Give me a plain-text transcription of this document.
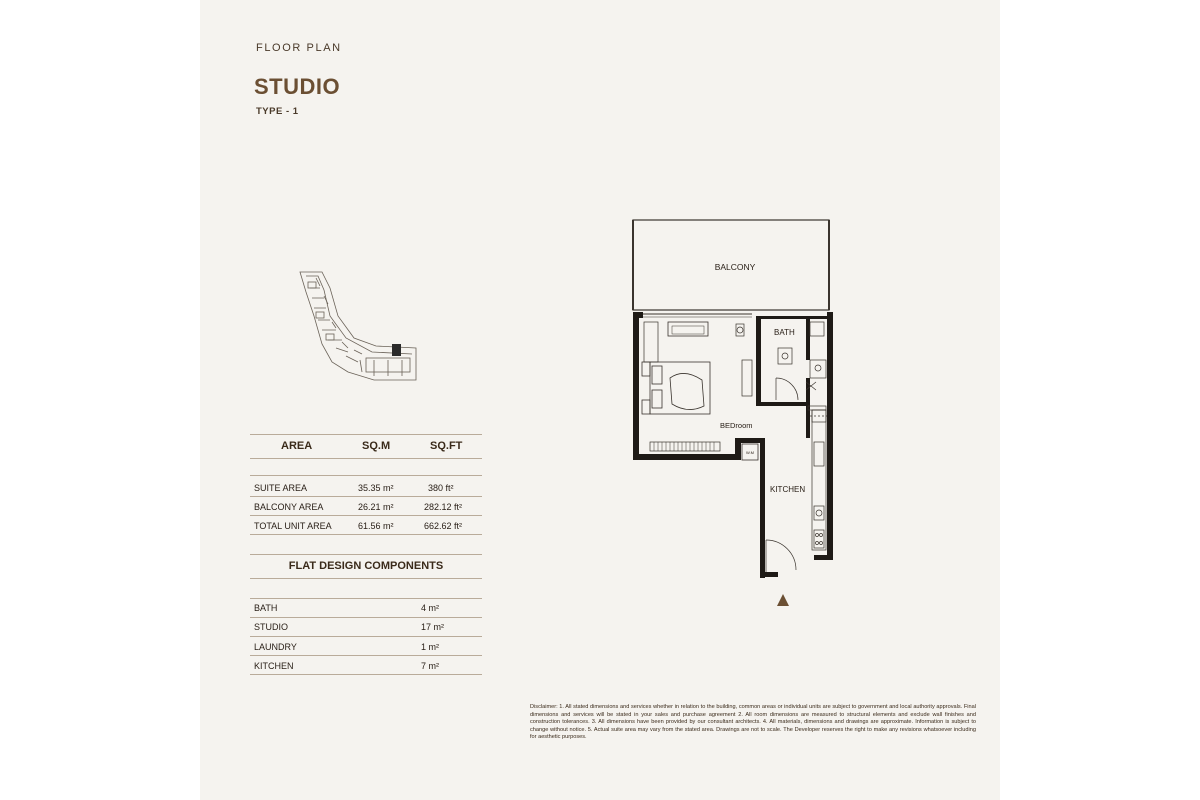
FLOOR PLAN
STUDIO
TYPE - 1
AREA	SQ.M	SQ.FT
SUITE AREA	35.35 m²	380 ft²
BALCONY AREA	26.21 m²	282.12 ft²
TOTAL UNIT AREA	61.56 m²	662.62 ft²
FLAT DESIGN COMPONENTS
BATH	4 m²
STUDIO	17 m²
LAUNDRY	1 m²
KITCHEN	7 m²
BALCONY
BEDroom
W.M
BATH
KITCHEN
Disclaimer: 1. All stated dimensions and services whether in relation to the building, common areas or individual units are subject to government and local authority approvals. Final dimensions and services will be stated in your sales and purchase agreement 2. All room dimensions are measured to structural elements and exclude wall finishes and construction tolerances. 3. All dimensions have been provided by our consultant architects. 4. All materials, dimensions and drawings are approximate. Information is subject to change without notice. 5. Actual suite area may vary from the stated area. Drawings are not to scale. The Developer reserves the right to make any revisions whatsoever including for aesthetic purposes.
